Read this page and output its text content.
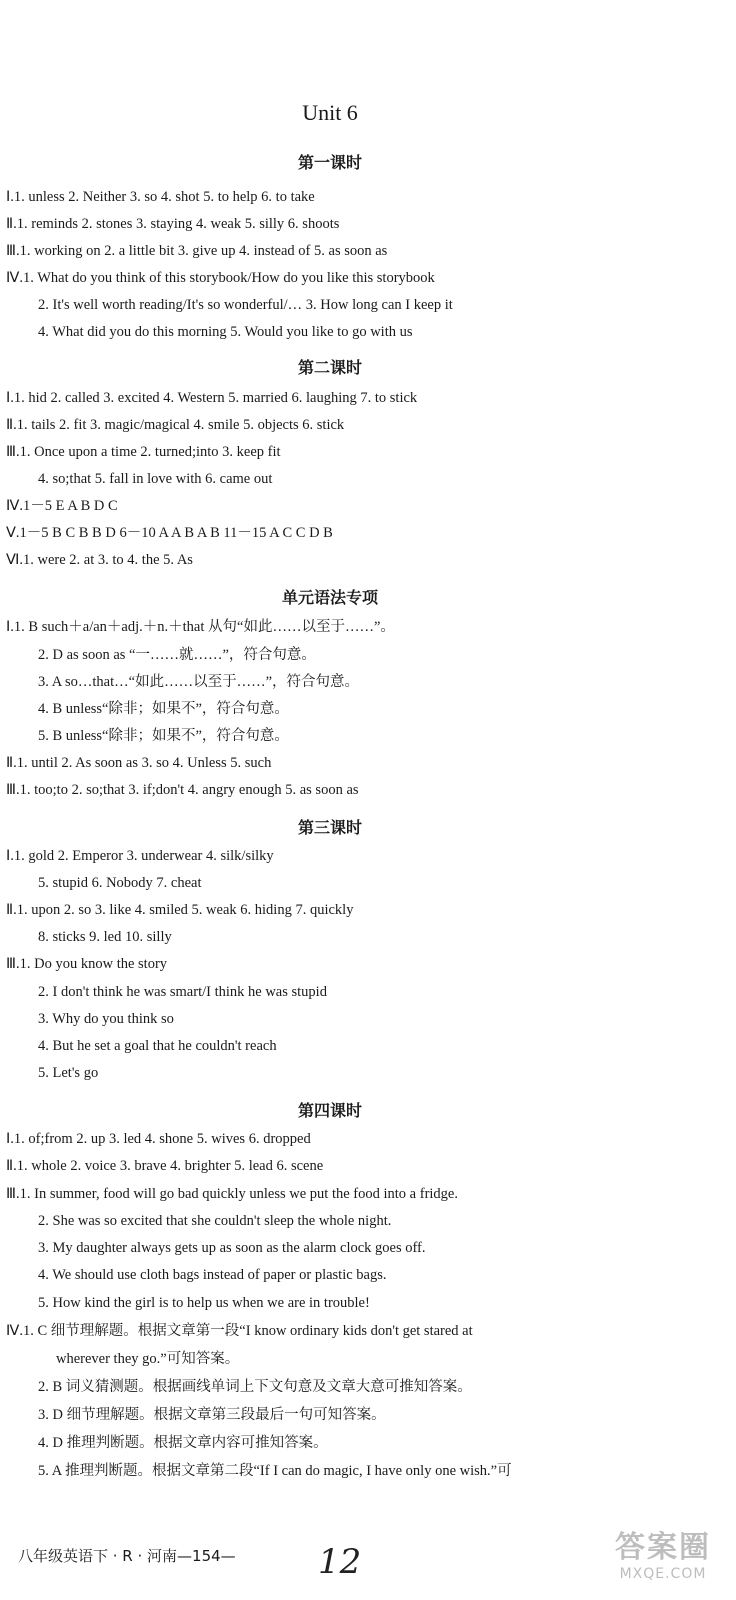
Unit 6
第一课时
Ⅰ.1. unless 2. Neither 3. so 4. shot 5. to help 6. to take
Ⅱ.1. reminds 2. stones 3. staying 4. weak 5. silly 6. shoots
Ⅲ.1. working on 2. a little bit 3. give up 4. instead of 5. as soon as
Ⅳ.1. What do you think of this storybook/How do you like this storybook
2. It's well worth reading/It's so wonderful/… 3. How long can I keep it
4. What did you do this morning 5. Would you like to go with us
第二课时
Ⅰ.1. hid 2. called 3. excited 4. Western 5. married 6. laughing 7. to stick
Ⅱ.1. tails 2. fit 3. magic/magical 4. smile 5. objects 6. stick
Ⅲ.1. Once upon a time 2. turned;into 3. keep fit
4. so;that 5. fall in love with 6. came out
Ⅳ.1－5 E A B D C
Ⅴ.1－5 B C B B D 6－10 A A B A B 11－15 A C C D B
Ⅵ.1. were 2. at 3. to 4. the 5. As
单元语法专项
Ⅰ.1. B such＋a/an＋adj.＋n.＋that 从句“如此……以至于……”。
2. D as soon as “一……就……”，符合句意。
3. A so…that…“如此……以至于……”，符合句意。
4. B unless“除非；如果不”，符合句意。
5. B unless“除非；如果不”，符合句意。
Ⅱ.1. until 2. As soon as 3. so 4. Unless 5. such
Ⅲ.1. too;to 2. so;that 3. if;don't 4. angry enough 5. as soon as
第三课时
Ⅰ.1. gold 2. Emperor 3. underwear 4. silk/silky
5. stupid 6. Nobody 7. cheat
Ⅱ.1. upon 2. so 3. like 4. smiled 5. weak 6. hiding 7. quickly
8. sticks 9. led 10. silly
Ⅲ.1. Do you know the story
2. I don't think he was smart/I think he was stupid
3. Why do you think so
4. But he set a goal that he couldn't reach
5. Let's go
第四课时
Ⅰ.1. of;from 2. up 3. led 4. shone 5. wives 6. dropped
Ⅱ.1. whole 2. voice 3. brave 4. brighter 5. lead 6. scene
Ⅲ.1. In summer, food will go bad quickly unless we put the food into a fridge.
2. She was so excited that she couldn't sleep the whole night.
3. My daughter always gets up as soon as the alarm clock goes off.
4. We should use cloth bags instead of paper or plastic bags.
5. How kind the girl is to help us when we are in trouble!
Ⅳ.1. C 细节理解题。根据文章第一段“I know ordinary kids don't get stared at
wherever they go.”可知答案。
2. B 词义猜测题。根据画线单词上下文句意及文章大意可推知答案。
3. D 细节理解题。根据文章第三段最后一句可知答案。
4. D 推理判断题。根据文章内容可推知答案。
5. A 推理判断题。根据文章第二段“If I can do magic, I have only one wish.”可
八年级英语下 · R · 河南—154— 12	答案圈
MXQE.COM
